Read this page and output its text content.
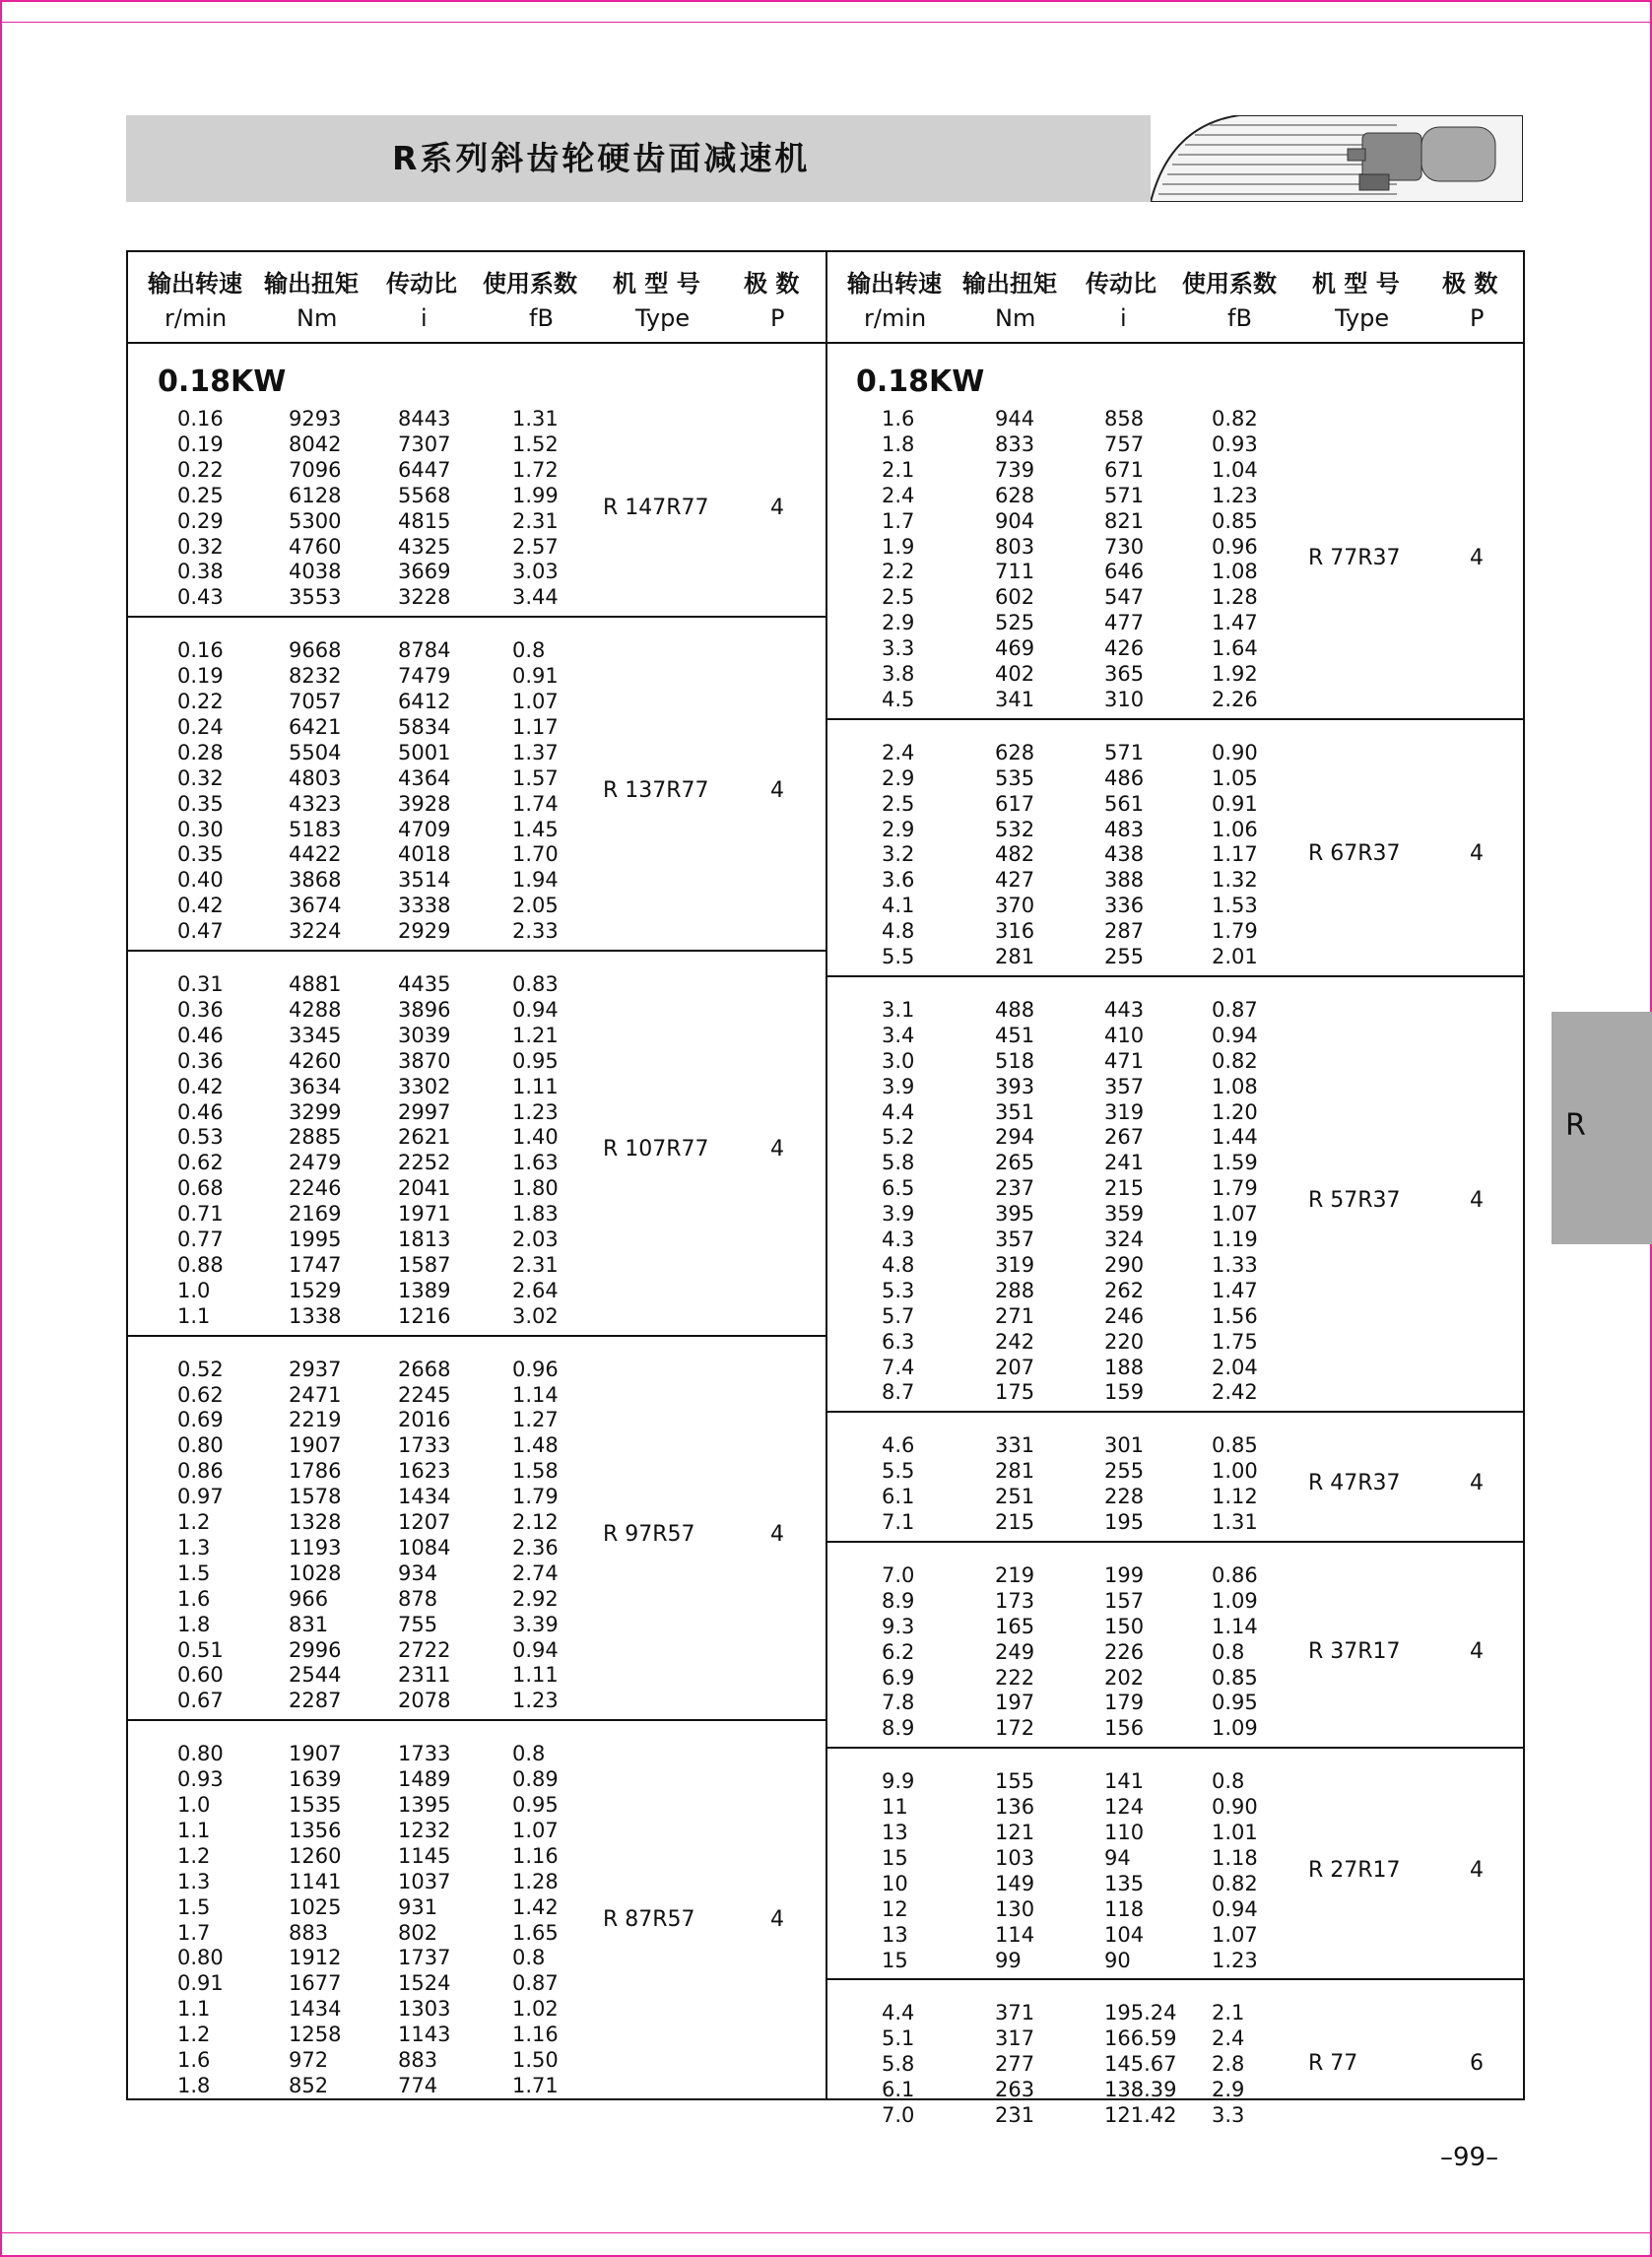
R系列斜齿轮硬齿面减速机
输出转速 输出扭矩 传动比 使用系数 机 型 号 极 数
r/min	Nm	i	fB	Type	P
输出转速 输出扭矩 传动比 使用系数 机 型 号 极 数
r/min	Nm	i	fB	Type	P
0.18KW	0.18KW
0.16	9293	8443	1.31
0.19	8042	7307	1.52
0.22	7096	6447	1.72
0.25	6128	5568	1.99
0.29	5300	4815	2.31
0.32	4760	4325	2.57
0.38	4038	3669	3.03
0.43	3553	3228	3.44
R 147R77	4
0.16	9668	8784	0.8
0.19	8232	7479	0.91
0.22	7057	6412	1.07
0.24	6421	5834	1.17
0.28	5504	5001	1.37
0.32	4803	4364	1.57
0.35	4323	3928	1.74
0.30	5183	4709	1.45
0.35	4422	4018	1.70
0.40	3868	3514	1.94
0.42	3674	3338	2.05
0.47	3224	2929	2.33
R 137R77	4
0.31	4881	4435	0.83
0.36	4288	3896	0.94
0.46	3345	3039	1.21
0.36	4260	3870	0.95
0.42	3634	3302	1.11
0.46	3299	2997	1.23
0.53	2885	2621	1.40
0.62	2479	2252	1.63
0.68	2246	2041	1.80
0.71	2169	1971	1.83
0.77	1995	1813	2.03
0.88	1747	1587	2.31
1.0	1529	1389	2.64
1.1	1338	1216	3.02
R 107R77	4
0.52	2937	2668	0.96
0.62	2471	2245	1.14
0.69	2219	2016	1.27
0.80	1907	1733	1.48
0.86	1786	1623	1.58
0.97	1578	1434	1.79
1.2	1328	1207	2.12
1.3	1193	1084	2.36
1.5	1028	934	2.74
1.6	966	878	2.92
1.8	831	755	3.39
0.51	2996	2722	0.94
0.60	2544	2311	1.11
0.67	2287	2078	1.23
R 97R57	4
0.80	1907	1733	0.8
0.93	1639	1489	0.89
1.0	1535	1395	0.95
1.1	1356	1232	1.07
1.2	1260	1145	1.16
1.3	1141	1037	1.28
1.5	1025	931	1.42
1.7	883	802	1.65
0.80	1912	1737	0.8
0.91	1677	1524	0.87
1.1	1434	1303	1.02
1.2	1258	1143	1.16
1.6	972	883	1.50
1.8	852	774	1.71
R 87R57	4
1.6	944	858	0.82
1.8	833	757	0.93
2.1	739	671	1.04
2.4	628	571	1.23
1.7	904	821	0.85
1.9	803	730	0.96
2.2	711	646	1.08
2.5	602	547	1.28
2.9	525	477	1.47
3.3	469	426	1.64
3.8	402	365	1.92
4.5	341	310	2.26
R 77R37	4
2.4	628	571	0.90
2.9	535	486	1.05
2.5	617	561	0.91
2.9	532	483	1.06
3.2	482	438	1.17
3.6	427	388	1.32
4.1	370	336	1.53
4.8	316	287	1.79
5.5	281	255	2.01
R 67R37	4
3.1	488	443	0.87
3.4	451	410	0.94
3.0	518	471	0.82
3.9	393	357	1.08
4.4	351	319	1.20
5.2	294	267	1.44
5.8	265	241	1.59
6.5	237	215	1.79
3.9	395	359	1.07
4.3	357	324	1.19
4.8	319	290	1.33
5.3	288	262	1.47
5.7	271	246	1.56
6.3	242	220	1.75
7.4	207	188	2.04
8.7	175	159	2.42
R 57R37	4
4.6	331	301	0.85
5.5	281	255	1.00
6.1	251	228	1.12
7.1	215	195	1.31
R 47R37	4
7.0	219	199	0.86
8.9	173	157	1.09
9.3	165	150	1.14
6.2	249	226	0.8
6.9	222	202	0.85
7.8	197	179	0.95
8.9	172	156	1.09
R 37R17	4
9.9	155	141	0.8
11	136	124	0.90
13	121	110	1.01
15	103	94	1.18
10	149	135	0.82
12	130	118	0.94
13	114	104	1.07
15	99	90	1.23
R 27R17	4
4.4	371	195.24 2.1
5.1	317	166.59 2.4
5.8	277	145.67 2.8
6.1	263	138.39 2.9
7.0	231	121.42 3.3
R 77	6
R
–99–
